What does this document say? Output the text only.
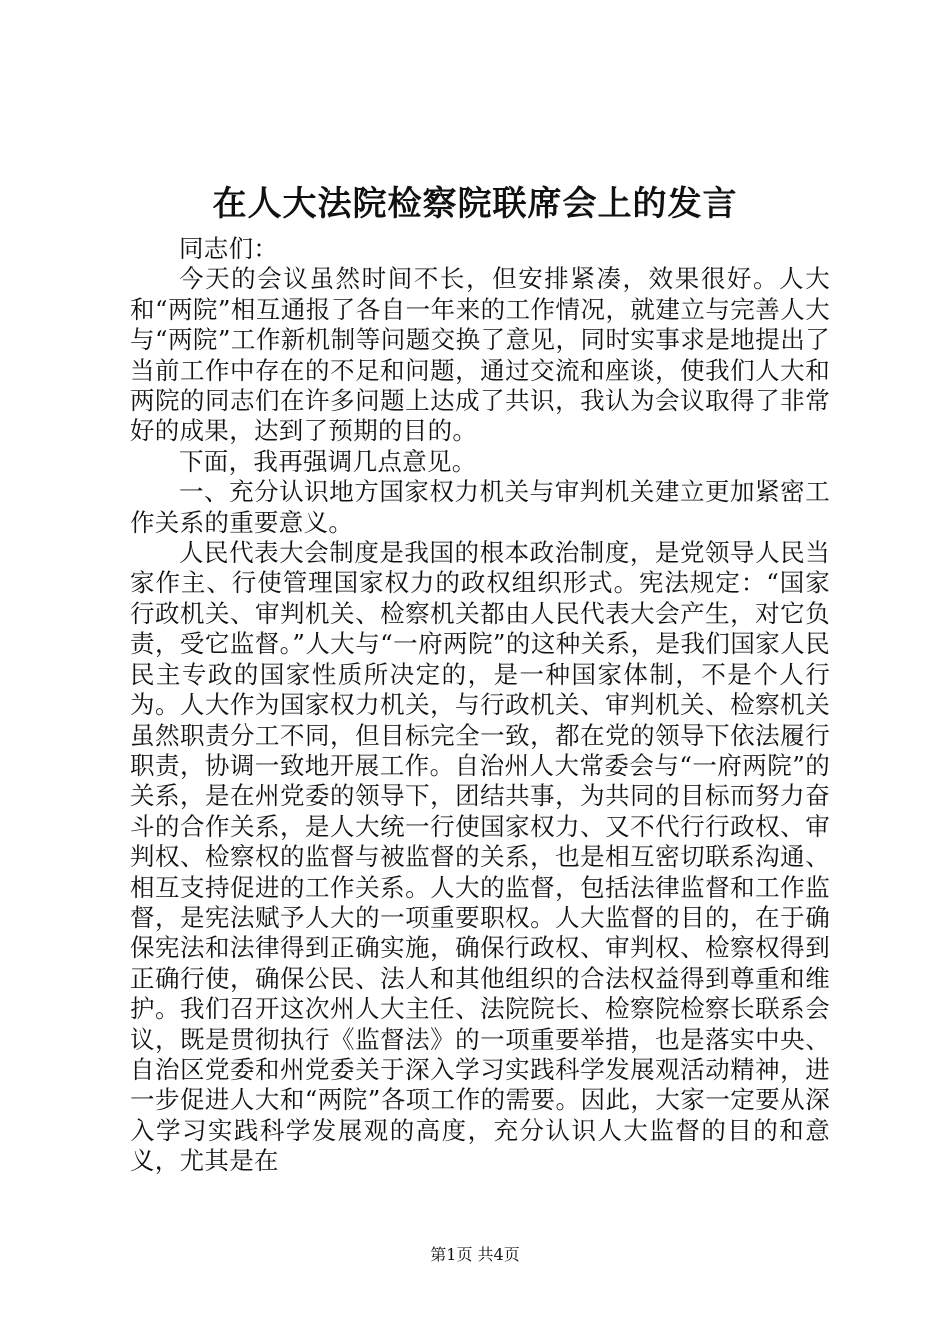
在人大法院检察院联席会上的发言

同志们：

今天的会议虽然时间不长，但安排紧凑，效果很好。人大和“两院”相互通报了各自一年来的工作情况，就建立与完善人大与“两院”工作新机制等问题交换了意见，同时实事求是地提出了当前工作中存在的不足和问题，通过交流和座谈，使我们人大和两院的同志们在许多问题上达成了共识，我认为会议取得了非常好的成果，达到了预期的目的。

下面，我再强调几点意见。

一、充分认识地方国家权力机关与审判机关建立更加紧密工作关系的重要意义。

人民代表大会制度是我国的根本政治制度，是党领导人民当家作主、行使管理国家权力的政权组织形式。宪法规定：“国家行政机关、审判机关、检察机关都由人民代表大会产生，对它负责，受它监督。”人大与“一府两院”的这种关系，是我们国家人民民主专政的国家性质所决定的，是一种国家体制，不是个人行为。人大作为国家权力机关，与行政机关、审判机关、检察机关虽然职责分工不同，但目标完全一致，都在党的领导下依法履行职责，协调一致地开展工作。自治州人大常委会与“一府两院”的关系，是在州党委的领导下，团结共事，为共同的目标而努力奋斗的合作关系，是人大统一行使国家权力、又不代行行政权、审判权、检察权的监督与被监督的关系，也是相互密切联系沟通、相互支持促进的工作关系。人大的监督，包括法律监督和工作监督，是宪法赋予人大的一项重要职权。人大监督的目的，在于确保宪法和法律得到正确实施，确保行政权、审判权、检察权得到正确行使，确保公民、法人和其他组织的合法权益得到尊重和维护。我们召开这次州人大主任、法院院长、检察院检察长联系会议，既是贯彻执行《监督法》的一项重要举措，也是落实中央、自治区党委和州党委关于深入学习实践科学发展观活动精神，进一步促进人大和“两院”各项工作的需要。因此，大家一定要从深入学习实践科学发展观的高度，充分认识人大监督的目的和意义，尤其是在

第1页 共4页
